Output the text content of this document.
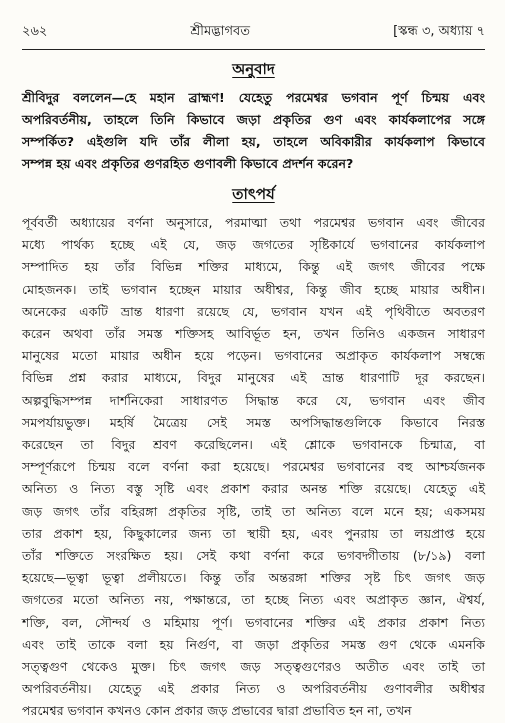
২৬২	শ্রীমদ্ভাগবত	[স্কন্ধ ৩, অধ্যায় ৭
অনুবাদ

শ্রীবিদুর বললেন—হে মহান ব্রাহ্মণ! যেহেতু পরমেশ্বর ভগবান পূর্ণ চিন্ময় এবং
অপরিবর্তনীয়, তাহলে তিনি কিভাবে জড়া প্রকৃতির গুণ এবং কার্যকলাপের সঙ্গে
সম্পর্কিত? এইগুলি যদি তাঁর লীলা হয়, তাহলে অবিকারীর কার্যকলাপ কিভাবে
সম্পন্ন হয় এবং প্রকৃতির গুণরহিত গুণাবলী কিভাবে প্রদর্শন করেন?

তাৎপর্য

পূর্ববর্তী অধ্যায়ের বর্ণনা অনুসারে, পরমাত্মা তথা পরমেশ্বর ভগবান এবং জীবের
মধ্যে পার্থক্য হচ্ছে এই যে, জড় জগতের সৃষ্টিকার্যে ভগবানের কার্যকলাপ
সম্পাদিত হয় তাঁর বিভিন্ন শক্তির মাধ্যমে, কিন্তু এই জগৎ জীবের পক্ষে
মোহজনক। তাই ভগবান হচ্ছেন মায়ার অধীশ্বর, কিন্তু জীব হচ্ছে মায়ার অধীন।
অনেকের একটি ভ্রান্ত ধারণা রয়েছে যে, ভগবান যখন এই পৃথিবীতে অবতরণ
করেন অথবা তাঁর সমস্ত শক্তিসহ আবির্ভূত হন, তখন তিনিও একজন সাধারণ
মানুষের মতো মায়ার অধীন হয়ে পড়েন। ভগবানের অপ্রাকৃত কার্যকলাপ সম্বন্ধে
বিভিন্ন প্রশ্ন করার মাধ্যমে, বিদুর মানুষের এই ভ্রান্ত ধারণাটি দূর করছেন।
অল্পবুদ্ধিসম্পন্ন দার্শনিকেরা সাধারণত সিদ্ধান্ত করে যে, ভগবান এবং জীব
সমপর্যায়ভুক্ত। মহর্ষি মৈত্রেয় সেই সমস্ত অপসিদ্ধান্তগুলিকে কিভাবে নিরস্ত
করেছেন তা বিদুর শ্রবণ করেছিলেন। এই শ্লোকে ভগবানকে চিন্মাত্র, বা
সম্পূর্ণরূপে চিন্ময় বলে বর্ণনা করা হয়েছে। পরমেশ্বর ভগবানের বহু আশ্চর্যজনক
অনিত্য ও নিত্য বস্তু সৃষ্টি এবং প্রকাশ করার অনন্ত শক্তি রয়েছে। যেহেতু এই
জড় জগৎ তাঁর বহিরঙ্গা প্রকৃতির সৃষ্টি, তাই তা অনিত্য বলে মনে হয়; একসময়
তার প্রকাশ হয়, কিছুকালের জন্য তা স্থায়ী হয়, এবং পুনরায় তা লয়প্রাপ্ত হয়ে
তাঁর শক্তিতে সংরক্ষিত হয়। সেই কথা বর্ণনা করে ভগবদ্গীতায় (৮/১৯) বলা
হয়েছে—ভূত্বা ভূত্বা প্রলীয়তে। কিন্তু তাঁর অন্তরঙ্গা শক্তির সৃষ্ট চিৎ জগৎ জড়
জগতের মতো অনিত্য নয়, পক্ষান্তরে, তা হচ্ছে নিত্য এবং অপ্রাকৃত জ্ঞান, ঐশ্বর্য,
শক্তি, বল, সৌন্দর্য ও মহিমায় পূর্ণ। ভগবানের শক্তির এই প্রকার প্রকাশ নিত্য
এবং তাই তাকে বলা হয় নির্গুণ, বা জড়া প্রকৃতির সমস্ত গুণ থেকে এমনকি
সত্ত্বগুণ থেকেও মুক্ত। চিৎ জগৎ জড় সত্ত্বগুণেরও অতীত এবং তাই তা
অপরিবর্তনীয়। যেহেতু এই প্রকার নিত্য ও অপরিবর্তনীয় গুণাবলীর অধীশ্বর
পরমেশ্বর ভগবান কখনও কোন প্রকার জড় প্রভাবের দ্বারা প্রভাবিত হন না, তখন
